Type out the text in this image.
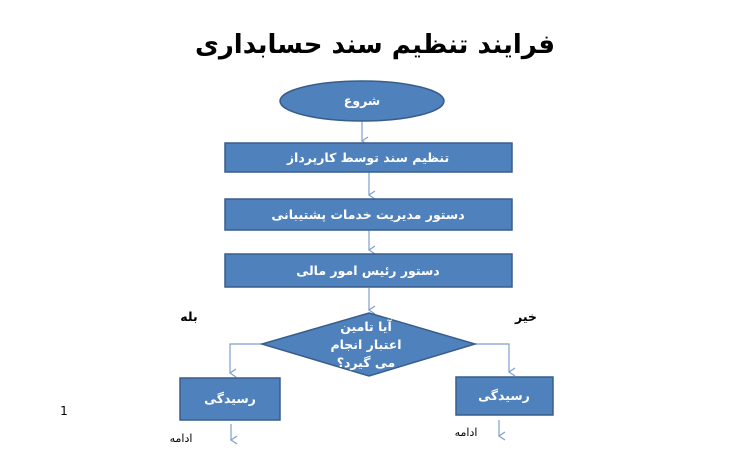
فرایند تنظیم سند حسابداری
شروع
تنظیم سند توسط کارپرداز
دستور مدیریت خدمات پشتیبانی
دستور رئیس امور مالی
آیا تامین
اعتبار انجام
می گیرد؟
بله	خیر
رسیدگی	رسیدگی
ادامه	ادامه
1
